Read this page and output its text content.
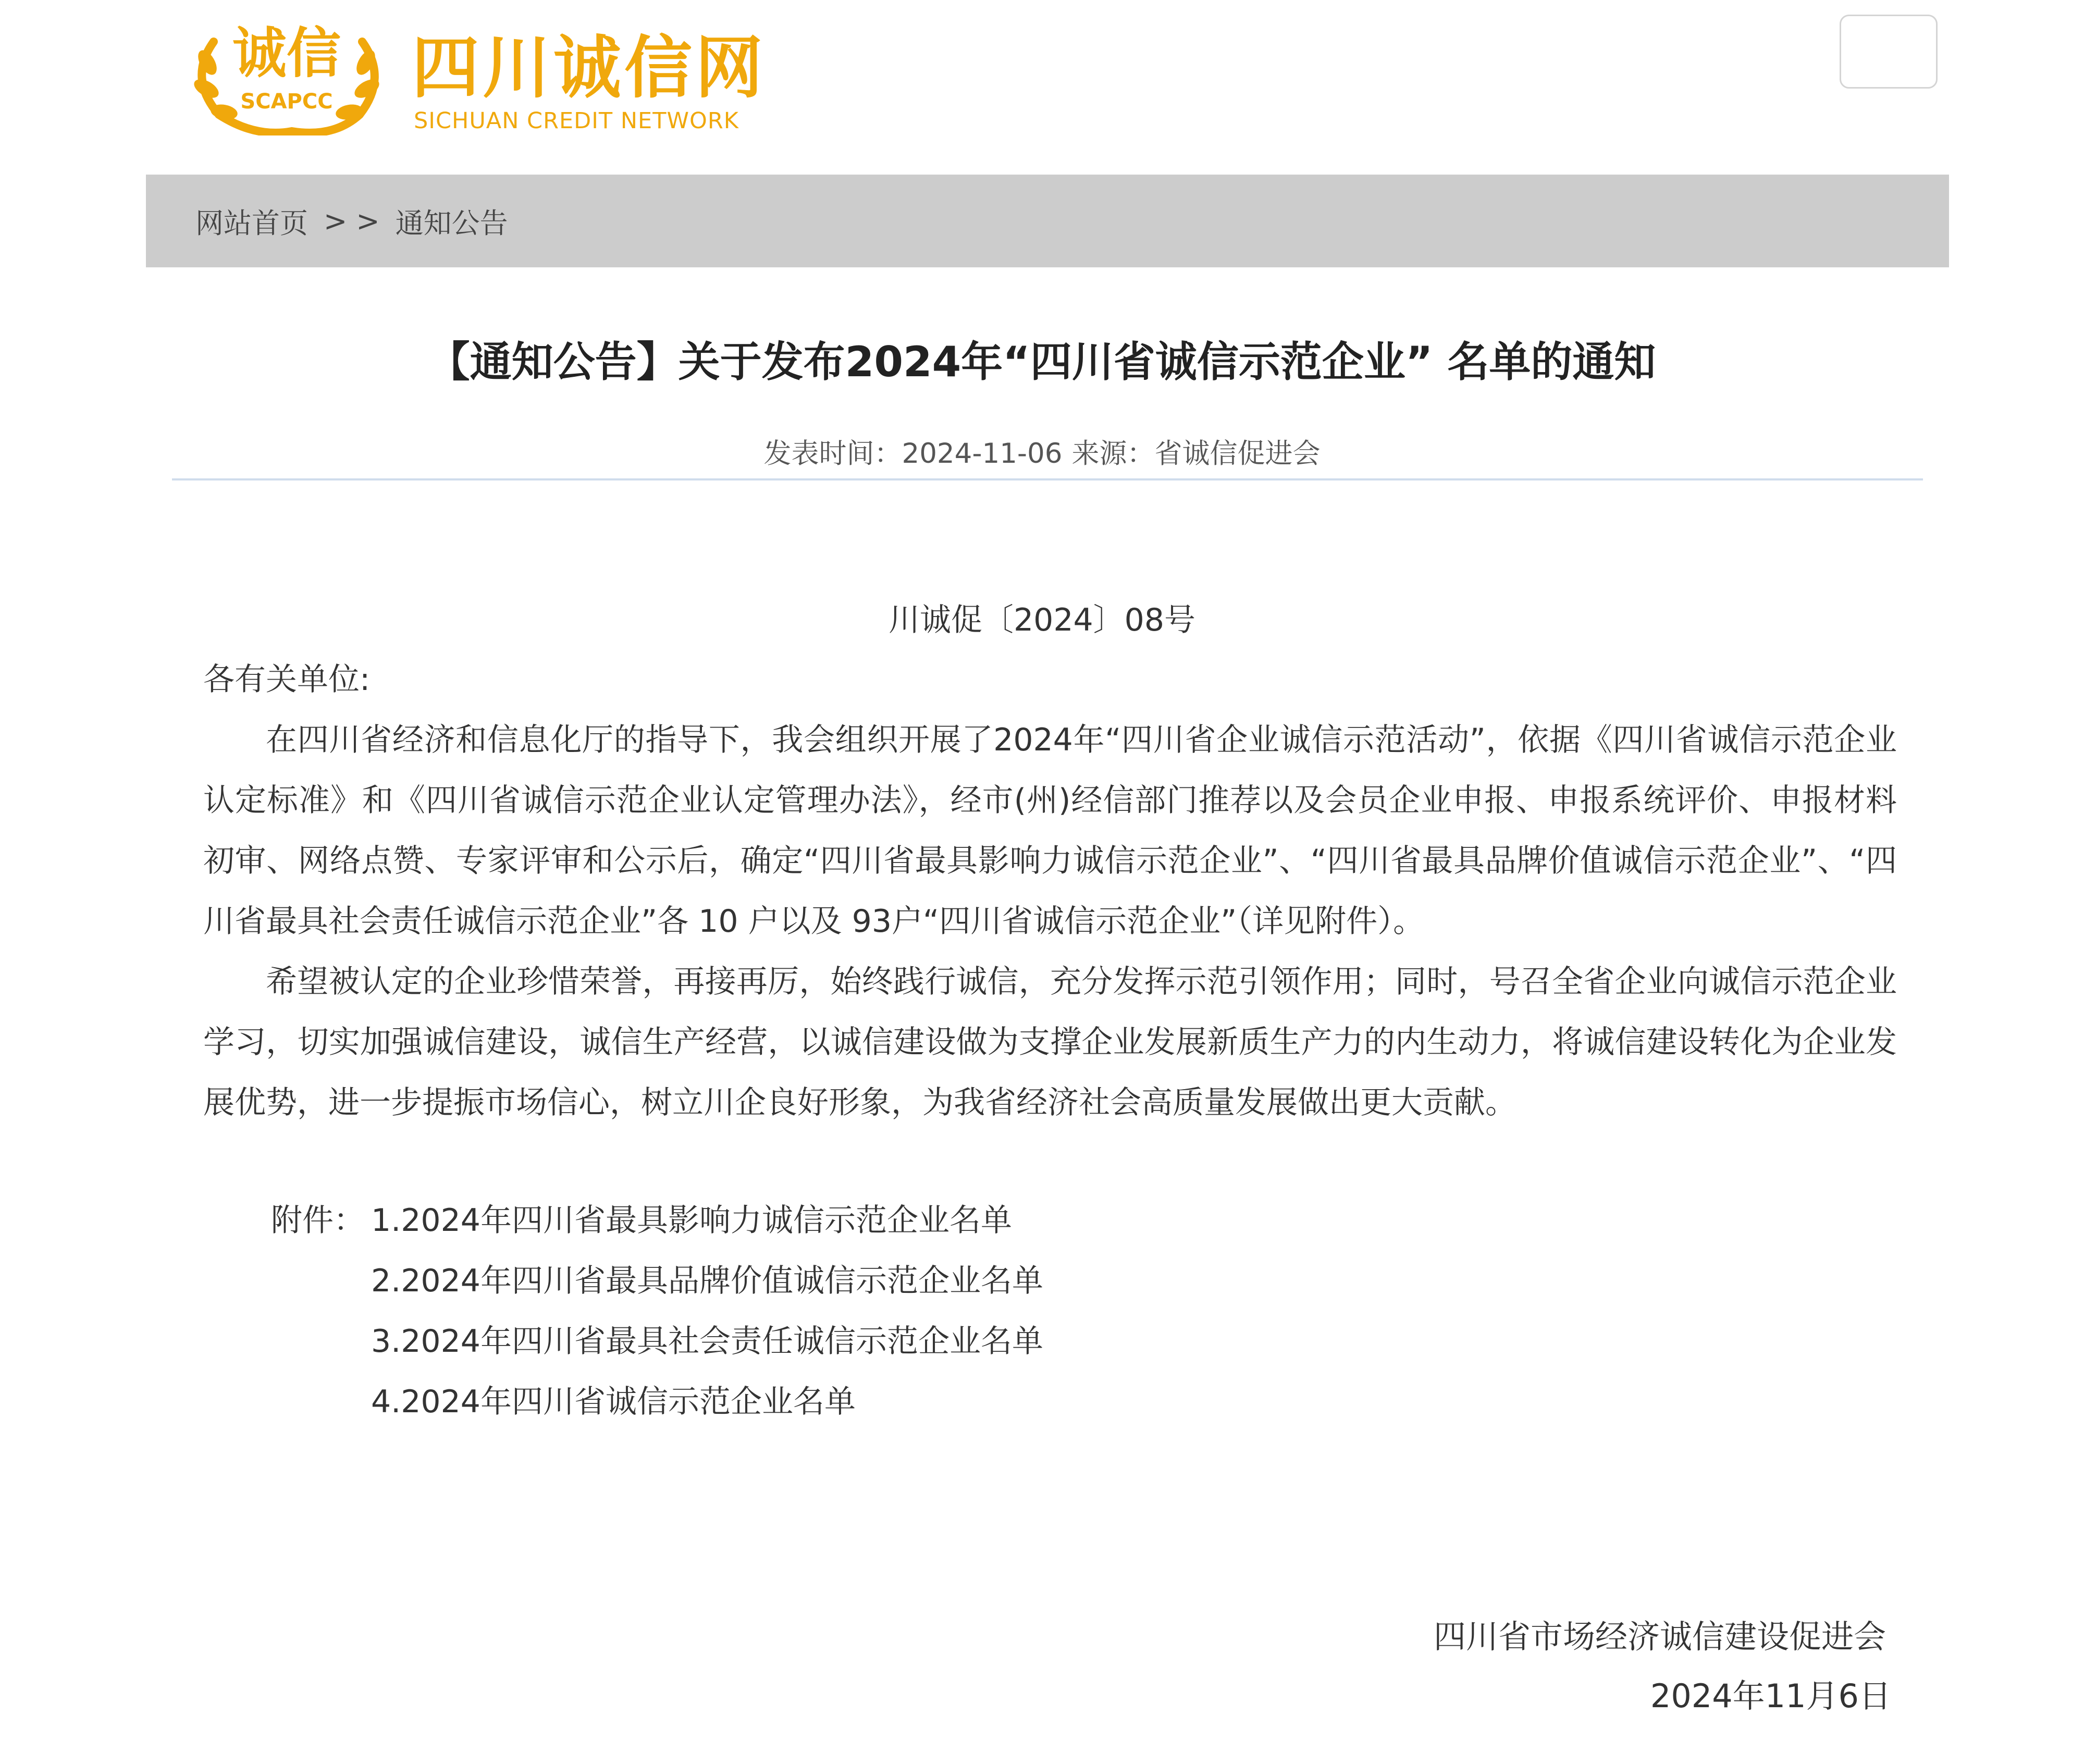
诚信
SCAPCC 四川诚信网
SICHUAN CREDIT NETWORK
网站首页 > > 通知公告
【通知公告】关于发布2024年“四川省诚信示范企业” 名单的通知
发表时间：2024-11-06 来源：省诚信促进会
川诚促〔2024〕08号
各有关单位:

在四川省经济和信息化厅的指导下，我会组织开展了2024年“四川省企业诚信示范活动”，依据《四川省诚信示范企业认定标准》和《四川省诚信示范企业认定管理办法》，经市(州)经信部门推荐以及会员企业申报、申报系统评价、申报材料初审、网络点赞、专家评审和公示后，确定“四川省最具影响力诚信示范企业”、“四川省最具品牌价值诚信示范企业”、“四川省最具社会责任诚信示范企业”各 10 户以及 93户“四川省诚信示范企业”（详见附件）。

希望被认定的企业珍惜荣誉，再接再厉，始终践行诚信，充分发挥示范引领作用；同时，号召全省企业向诚信示范企业学习，切实加强诚信建设，诚信生产经营，以诚信建设做为支撑企业发展新质生产力的内生动力，将诚信建设转化为企业发展优势，进一步提振市场信心，树立川企良好形象，为我省经济社会高质量发展做出更大贡献。

附件： 1.2024年四川省最具影响力诚信示范企业名单
2.2024年四川省最具品牌价值诚信示范企业名单
3.2024年四川省最具社会责任诚信示范企业名单
4.2024年四川省诚信示范企业名单
四川省市场经济诚信建设促进会
2024年11月6日
